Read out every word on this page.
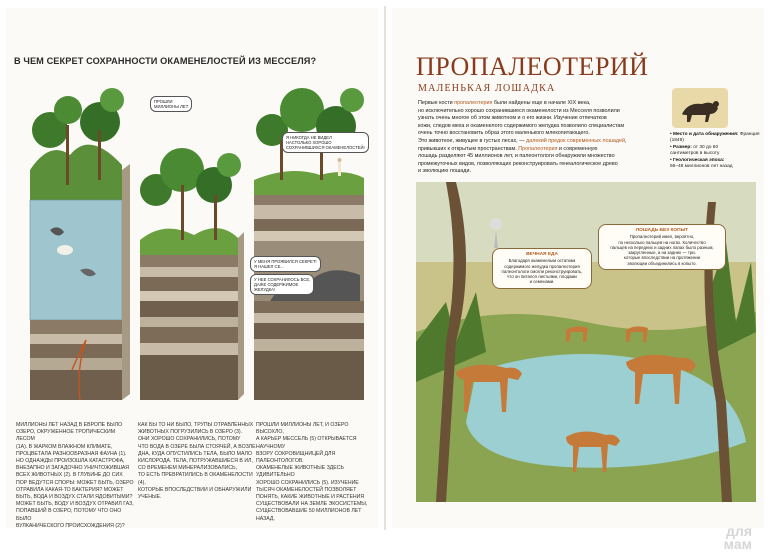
В ЧЕМ СЕКРЕТ СОХРАННОСТИ ОКАМЕНЕЛОСТЕЙ ИЗ МЕССЕЛЯ?
ПРОШЛИ
МИЛЛИОНЫ ЛЕТ
Я НИКОГДА НЕ ВИДЕЛ
НАСТОЛЬКО ХОРОШО
СОХРАНИВШИХСЯ ОКАМЕНЕЛОСТЕЙ!
У МЕНЯ ПРОЯВИЛСЯ СЕКРЕТ!
Я НАШЕЛ СЕ...
У НЕЕ СОХРАНИЛОСЬ ВСЕ,
ДАЖЕ СОДЕРЖИМОЕ
ЖЕЛУДКА!
МИЛЛИОНЫ ЛЕТ НАЗАД В ЕВРОПЕ БЫЛО
ОЗЕРО, ОКРУЖЕННОЕ ТРОПИЧЕСКИМ ЛЕСОМ
(1А). В ЖАРКОМ ВЛАЖНОМ КЛИМАТЕ,
ПРОЦВЕТАЛА РАЗНООБРАЗНАЯ ФАУНА (1).
НО ОДНАЖДЫ ПРОИЗОШЛА КАТАСТРОФА,
ВНЕЗАПНО И ЗАГАДОЧНО УНИЧТОЖИВШАЯ
ВСЕХ ЖИВОТНЫХ (2). В ГЛУБИНЕ ДО СИХ
ПОР ВЕДУТСЯ СПОРЫ: МОЖЕТ БЫТЬ, ОЗЕРО
ОТРАВИЛА КАКАЯ-ТО БАКТЕРИЯ? МОЖЕТ
БЫТЬ, ВОДА И ВОЗДУХ СТАЛИ ЯДОВИТЫМИ?
МОЖЕТ БЫТЬ, ВОДУ И ВОЗДУХ ОТРАВИЛ ГАЗ,
ПОПАВШИЙ В ОЗЕРО, ПОТОМУ ЧТО ОНО БЫЛО
ВУЛКАНИЧЕСКОГО ПРОИСХОЖДЕНИЯ (2)?
КАК БЫ ТО НИ БЫЛО, ТРУПЫ ОТРАВЛЕННЫХ
ЖИВОТНЫХ ПОГРУЗИЛИСЬ В ОЗЕРО (3).
ОНИ ХОРОШО СОХРАНИЛИСЬ, ПОТОМУ
ЧТО ВОДА В ОЗЕРЕ БЫЛА СТОЯЧЕЙ, А ВОЗЛЕ
ДНА, КУДА ОПУСТИЛИСЬ ТЕЛА, БЫЛО МАЛО
КИСЛОРОДА. ТЕЛА, ПОТРУЖАВШИЕСЯ В ИЛ,
СО ВРЕМЕНЕМ МИНЕРАЛИЗОВАЛИСЬ,
ТО ЕСТЬ ПРЕВРАТИЛИСЬ В ОКАМЕНЕЛОСТИ (4),
КОТОРЫЕ ВПОСЛЕДСТВИИ И ОБНАРУЖИЛИ
УЧЕНЫЕ.
ПРОШЛИ МИЛЛИОНЫ ЛЕТ, И ОЗЕРО ВЫСОХЛО,
А КАРЬЕР МЕССЕЛЬ (5) ОТКРЫВАЕТСЯ НАУЧНОМУ
ВЗОРУ СОКРОВИЩНИЦЕЙ ДЛЯ ПАЛЕОНТОЛОГОВ.
ОКАМЕНЕЛЫЕ ЖИВОТНЫЕ ЗДЕСЬ УДИВИТЕЛЬНО
ХОРОШО СОХРАНИЛИСЬ (5). ИЗУЧЕНИЕ
ТЫСЯЧ ОКАМЕНЕЛОСТЕЙ ПОЗВОЛЯЕТ
ПОНЯТЬ, КАКИЕ ЖИВОТНЫЕ И РАСТЕНИЯ
СУЩЕСТВОВАЛИ НА ЗЕМЛЕ ЭКОСИСТЕМЫ,
СУЩЕСТВОВАВШИЕ 50 МИЛЛИОНОВ ЛЕТ НАЗАД.
ПРОПАЛЕОТЕРИЙ
МАЛЕНЬКАЯ ЛОШАДКА

Первые кости пропалеотерия были найдены еще в начале XIX века,
но исключительно хорошо сохранившиеся окаменелости из Месселя позволили
узнать очень многое об этом животном и о его жизни. Изучение отпечатков
кожи, следов меха и окаменелого содержимого желудка позволило специалистам
очень точно восстановить образ этого маленького млекопитающего.
Это животное, живущее в густых лесах, — далекий предок современных лошадей,
привыкших к открытым пространствам. Пропалеотерия и современную
лошадь разделяют 45 миллионов лет, и палеонтологи обнаружили множество
промежуточных видов, позволяющих реконструировать генеалогическое древо
и эволюцию лошади.

• Место и дата обнаружения: Франция (1849)
• Размер: от 30 до 60
сантиметров в высоту
• Геологическая эпоха:
56–48 миллионов лет назад
ЛОШАДЬ БЕЗ КОПЫТ
Пропалеотерий имел, вероятно,
по несколько пальцев на ногах. Количество
пальцев на передних и задних лапах было разным,
закругленные, а на задних — три.
которые впоследствии на протяжении
эволюции объединились в копыто.
ВЕЧНАЯ ЕДА
Благодаря окаменелым остаткам
содержимого желудка пропалеотерия
палеонтологи смогли реконструировать,
что он питался листьями, плодами
и семенами.
для
мам
